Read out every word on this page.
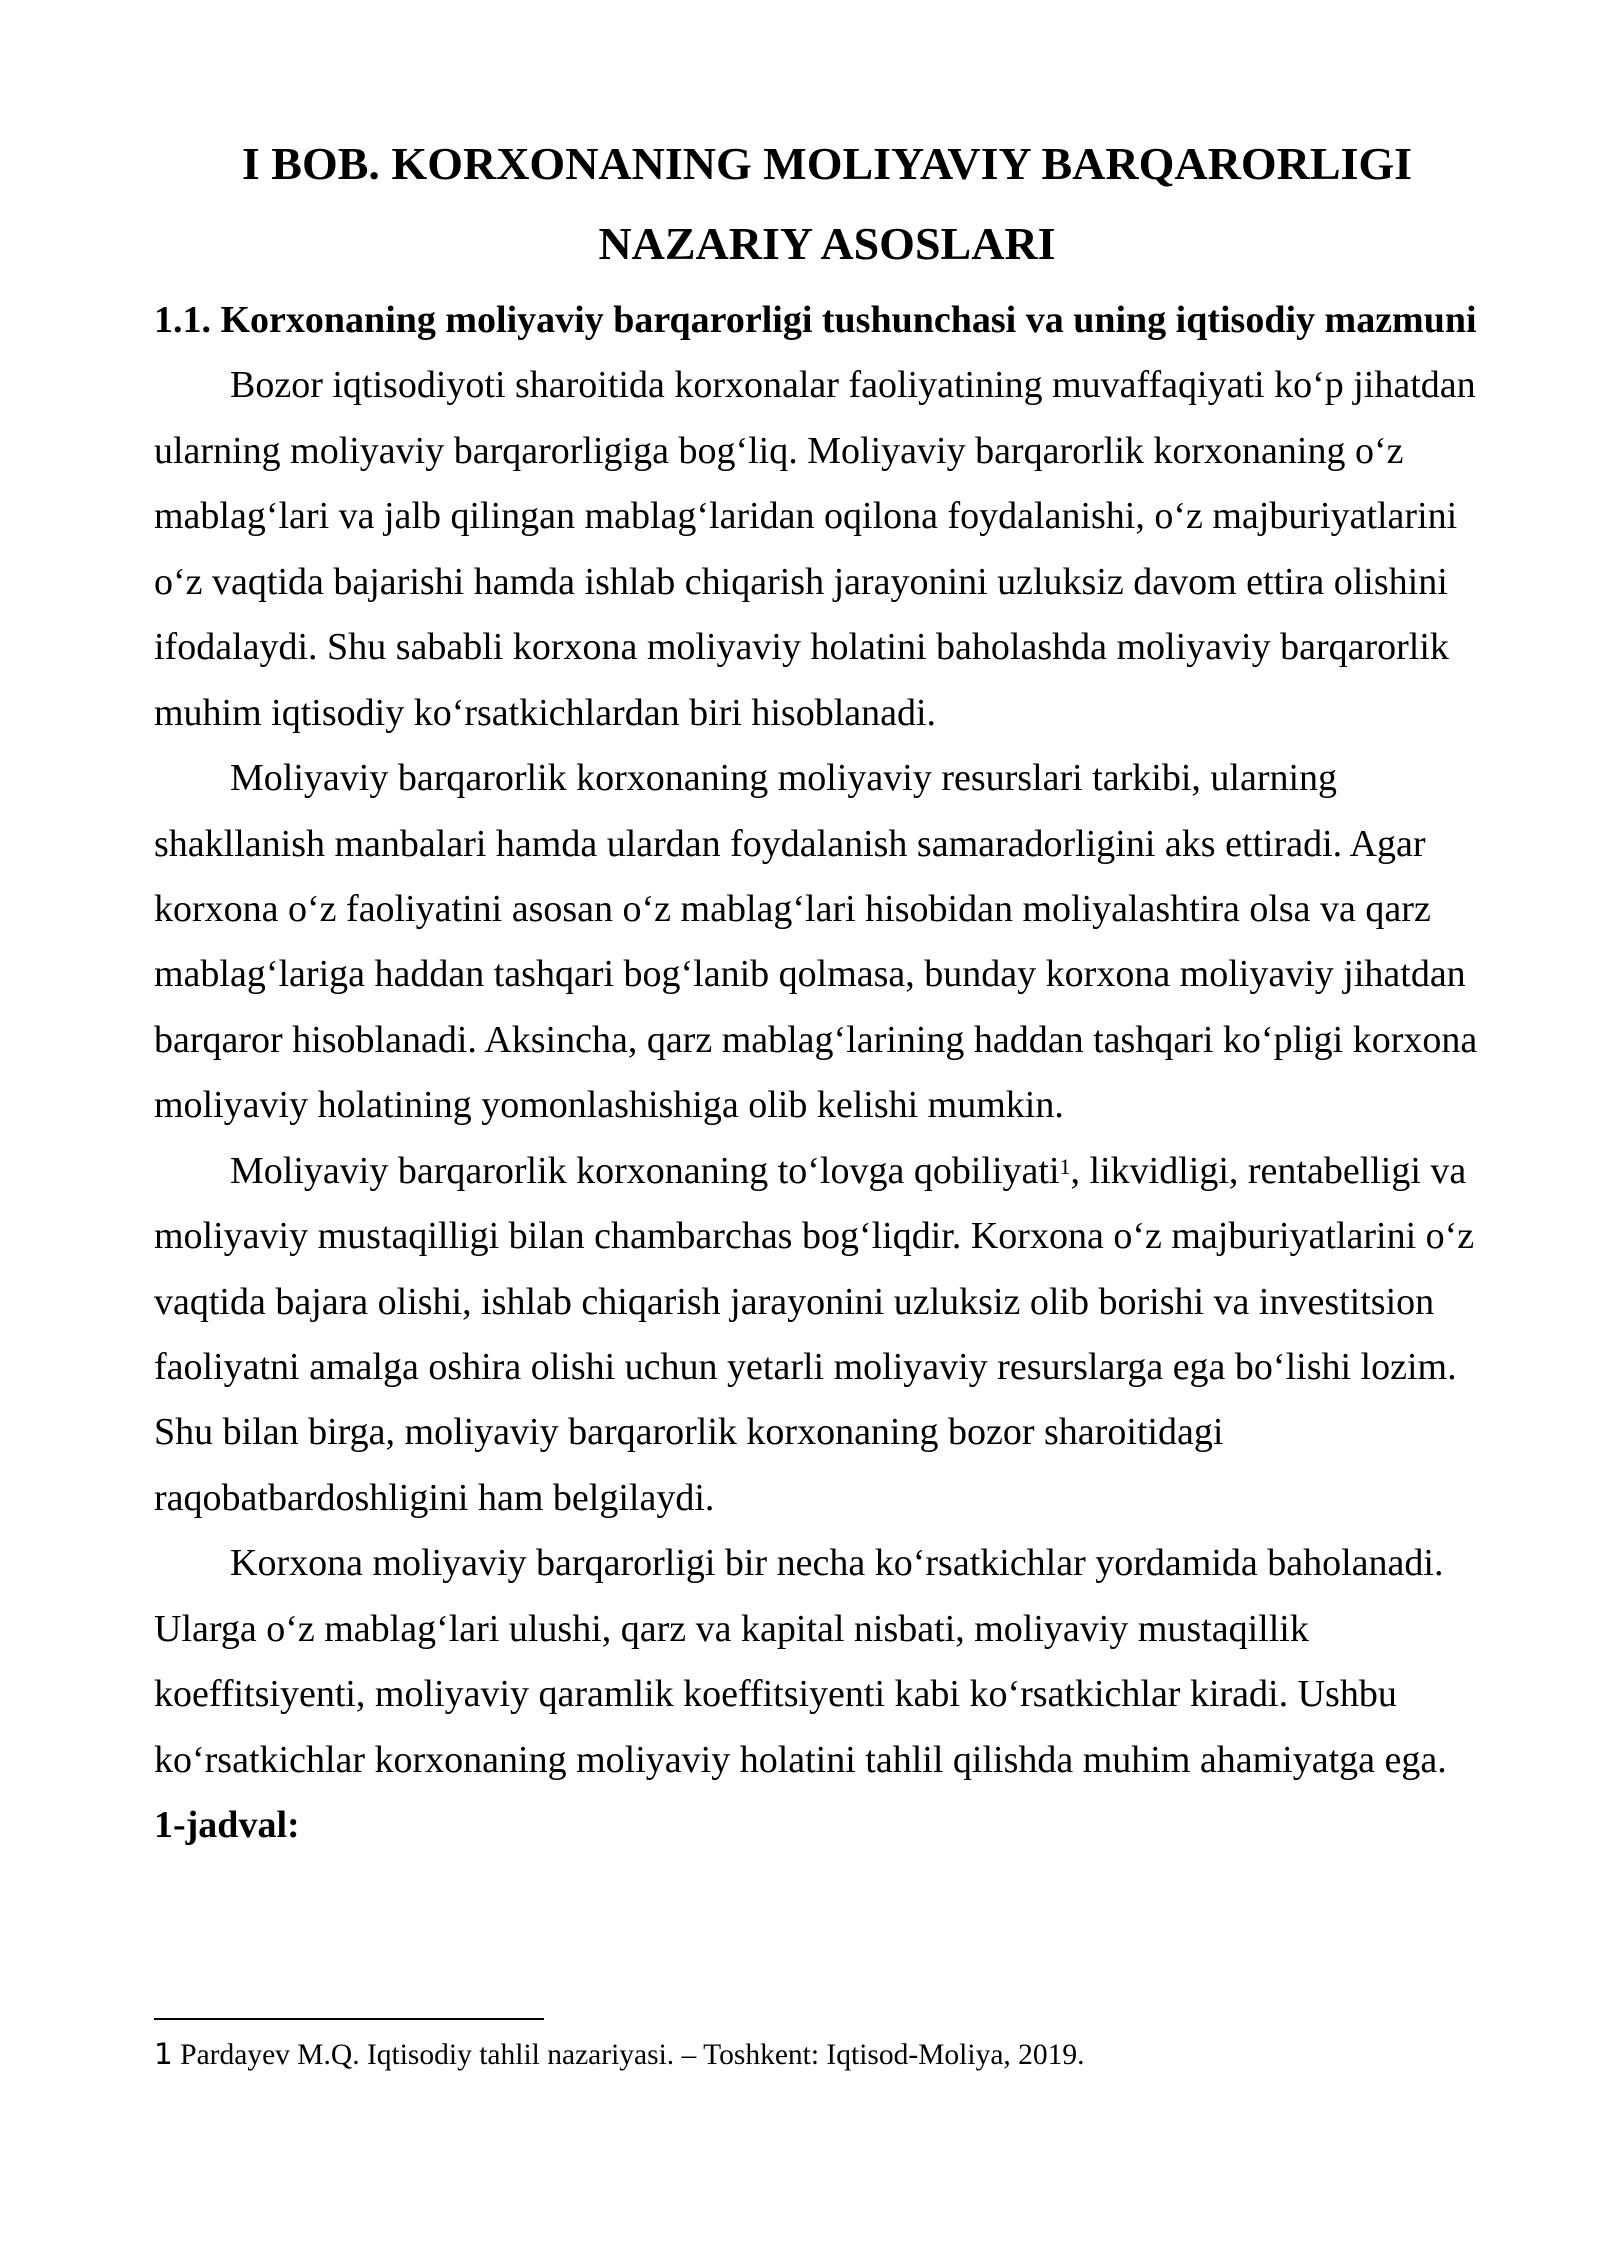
I BOB. KORXONANING MOLIYAVIY BARQARORLIGI
NAZARIY ASOSLARI
1.1. Korxonaning moliyaviy barqarorligi tushunchasi va uning iqtisodiy mazmuni
Bozor iqtisodiyoti sharoitida korxonalar faoliyatining muvaffaqiyati ko‘p jihatdan
ularning moliyaviy barqarorligiga bog‘liq. Moliyaviy barqarorlik korxonaning o‘z
mablag‘lari va jalb qilingan mablag‘laridan oqilona foydalanishi, o‘z majburiyatlarini
o‘z vaqtida bajarishi hamda ishlab chiqarish jarayonini uzluksiz davom ettira olishini
ifodalaydi. Shu sababli korxona moliyaviy holatini baholashda moliyaviy barqarorlik
muhim iqtisodiy ko‘rsatkichlardan biri hisoblanadi.
Moliyaviy barqarorlik korxonaning moliyaviy resurslari tarkibi, ularning
shakllanish manbalari hamda ulardan foydalanish samaradorligini aks ettiradi. Agar
korxona o‘z faoliyatini asosan o‘z mablag‘lari hisobidan moliyalashtira olsa va qarz
mablag‘lariga haddan tashqari bog‘lanib qolmasa, bunday korxona moliyaviy jihatdan
barqaror hisoblanadi. Aksincha, qarz mablag‘larining haddan tashqari ko‘pligi korxona
moliyaviy holatining yomonlashishiga olib kelishi mumkin.
Moliyaviy barqarorlik korxonaning to‘lovga qobiliyati$^1$, likvidligi, rentabelligi va
moliyaviy mustaqilligi bilan chambarchas bog‘liqdir. Korxona o‘z majburiyatlarini o‘z
vaqtida bajara olishi, ishlab chiqarish jarayonini uzluksiz olib borishi va investitsion
faoliyatni amalga oshira olishi uchun yetarli moliyaviy resurslarga ega bo‘lishi lozim.
Shu bilan birga, moliyaviy barqarorlik korxonaning bozor sharoitidagi
raqobatbardoshligini ham belgilaydi.
Korxona moliyaviy barqarorligi bir necha ko‘rsatkichlar yordamida baholanadi.
Ularga o‘z mablag‘lari ulushi, qarz va kapital nisbati, moliyaviy mustaqillik
koeffitsiyenti, moliyaviy qaramlik koeffitsiyenti kabi ko‘rsatkichlar kiradi. Ushbu
ko‘rsatkichlar korxonaning moliyaviy holatini tahlil qilishda muhim ahamiyatga ega.
1-jadval:
1 Pardayev M.Q. Iqtisodiy tahlil nazariyasi. – Toshkent: Iqtisod-Moliya, 2019.
